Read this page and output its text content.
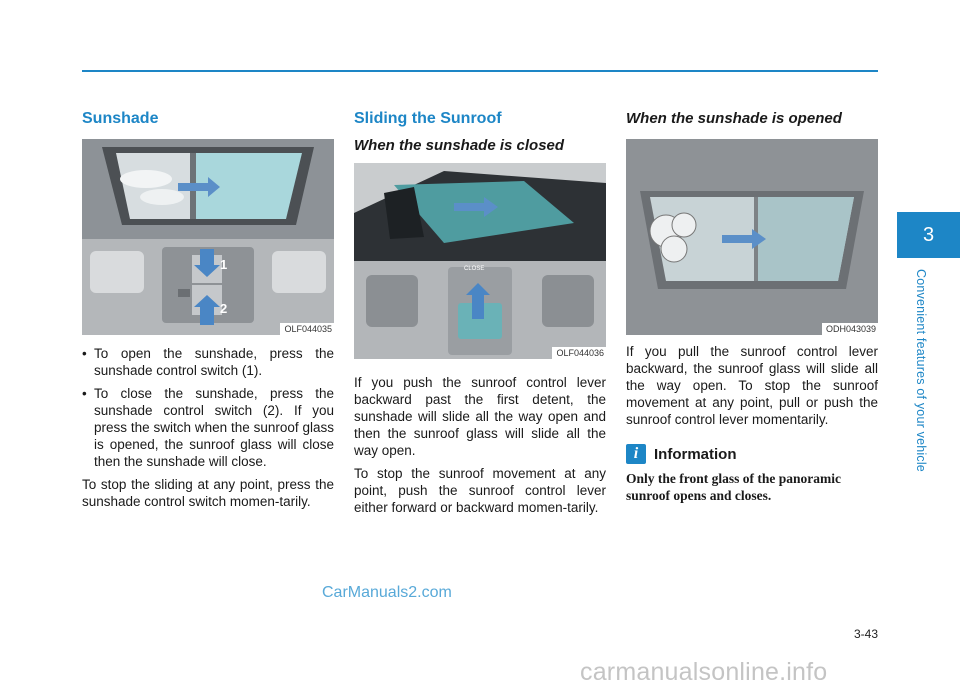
Sunshade
1
2
OLF044035
• To open the sunshade, press the sunshade control switch (1).
• To close the sunshade, press the sunshade control switch (2). If you press the switch when the sunroof glass is opened, the sunroof glass will close then the sunshade will close.

To stop the sliding at any point, press the sunshade control switch momen-tarily.

Sliding the Sunroof
When the sunshade is closed
CLOSE
OLF044036

If you push the sunroof control lever backward past the first detent, the sunshade will slide all the way open and then the sunroof glass will slide all the way open.

To stop the sunroof movement at any point, push the sunroof control lever either forward or backward momen-tarily.

When the sunshade is opened
ODH043039

If you pull the sunroof control lever backward, the sunroof glass will slide all the way open. To stop the sunroof movement at any point, pull or push the sunroof control lever momentarily.

i	Information
Only the front glass of the panoramic sunroof opens and closes.
3
Convenient features of your vehicle
3-43
CarManuals2.com
carmanualsonline.info
